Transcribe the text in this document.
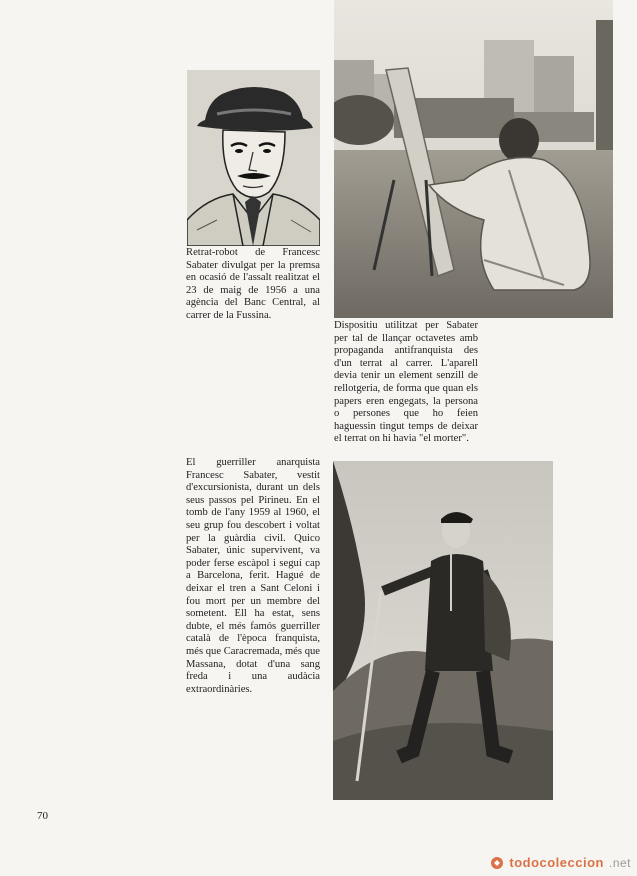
Retrat-robot de Francesc Sabater divulgat per la premsa en ocasió de l'assalt realitzat el 23 de maig de 1956 a una agència del Banc Central, al carrer de la Fussina.

Dispositiu utilitzat per Sabater per tal de llançar octavetes amb propaganda antifranquista des d'un terrat al carrer. L'aparell devia tenir un element senzill de rellotgeria, de forma que quan els papers eren engegats, la persona o persones que ho feien haguessin tingut temps de deixar el terrat on hi havia "el morter".

El guerriller anarquista Francesc Sabater, vestit d'excursionista, durant un dels seus passos pel Pirineu. En el tomb de l'any 1959 al 1960, el seu grup fou descobert i voltat per la guàrdia civil. Quico Sabater, únic supervivent, va poder ferse escàpol i seguí cap a Barcelona, ferit. Hagué de deixar el tren a Sant Celoni i fou mort per un membre del sometent. Ell ha estat, sens dubte, el més famós guerriller català de l'època franquista, més que Caracremada, més que Massana, dotat d'una sang freda i una audàcia extraordinàries.

70
todocoleccion .net
